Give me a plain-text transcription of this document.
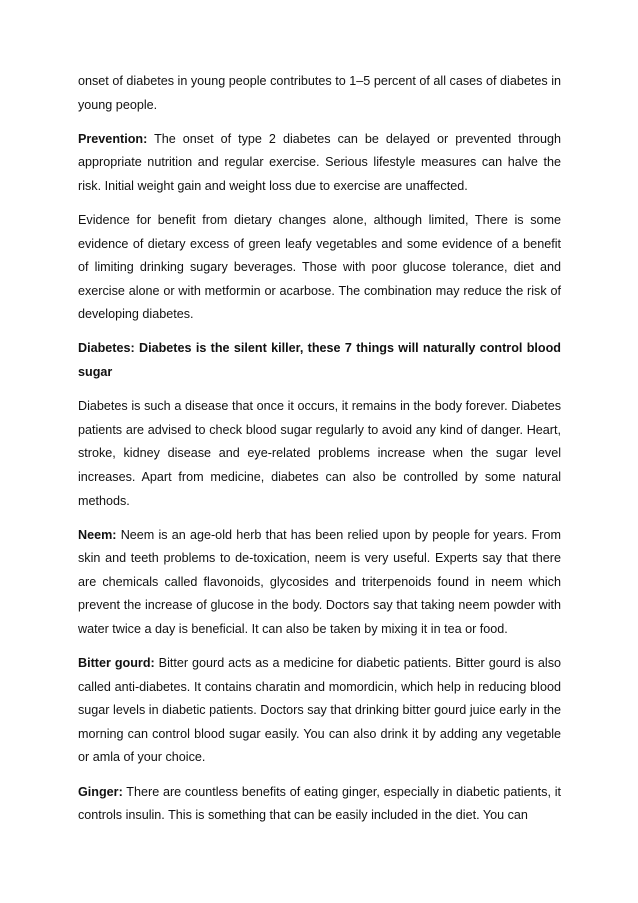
onset of diabetes in young people contributes to 1–5 percent of all cases of diabetes in young people.

Prevention: The onset of type 2 diabetes can be delayed or prevented through appropriate nutrition and regular exercise. Serious lifestyle measures can halve the risk. Initial weight gain and weight loss due to exercise are unaffected.

Evidence for benefit from dietary changes alone, although limited, There is some evidence of dietary excess of green leafy vegetables and some evidence of a benefit of limiting drinking sugary beverages. Those with poor glucose tolerance, diet and exercise alone or with metformin or acarbose. The combination may reduce the risk of developing diabetes.

Diabetes: Diabetes is the silent killer, these 7 things will naturally control blood sugar

Diabetes is such a disease that once it occurs, it remains in the body forever. Diabetes patients are advised to check blood sugar regularly to avoid any kind of danger. Heart, stroke, kidney disease and eye-related problems increase when the sugar level increases. Apart from medicine, diabetes can also be controlled by some natural methods.

Neem: Neem is an age-old herb that has been relied upon by people for years. From skin and teeth problems to de-toxication, neem is very useful. Experts say that there are chemicals called flavonoids, glycosides and triterpenoids found in neem which prevent the increase of glucose in the body. Doctors say that taking neem powder with water twice a day is beneficial. It can also be taken by mixing it in tea or food.

Bitter gourd: Bitter gourd acts as a medicine for diabetic patients. Bitter gourd is also called anti-diabetes. It contains charatin and momordicin, which help in reducing blood sugar levels in diabetic patients. Doctors say that drinking bitter gourd juice early in the morning can control blood sugar easily. You can also drink it by adding any vegetable or amla of your choice.

Ginger: There are countless benefits of eating ginger, especially in diabetic patients, it controls insulin. This is something that can be easily included in the diet. You can
